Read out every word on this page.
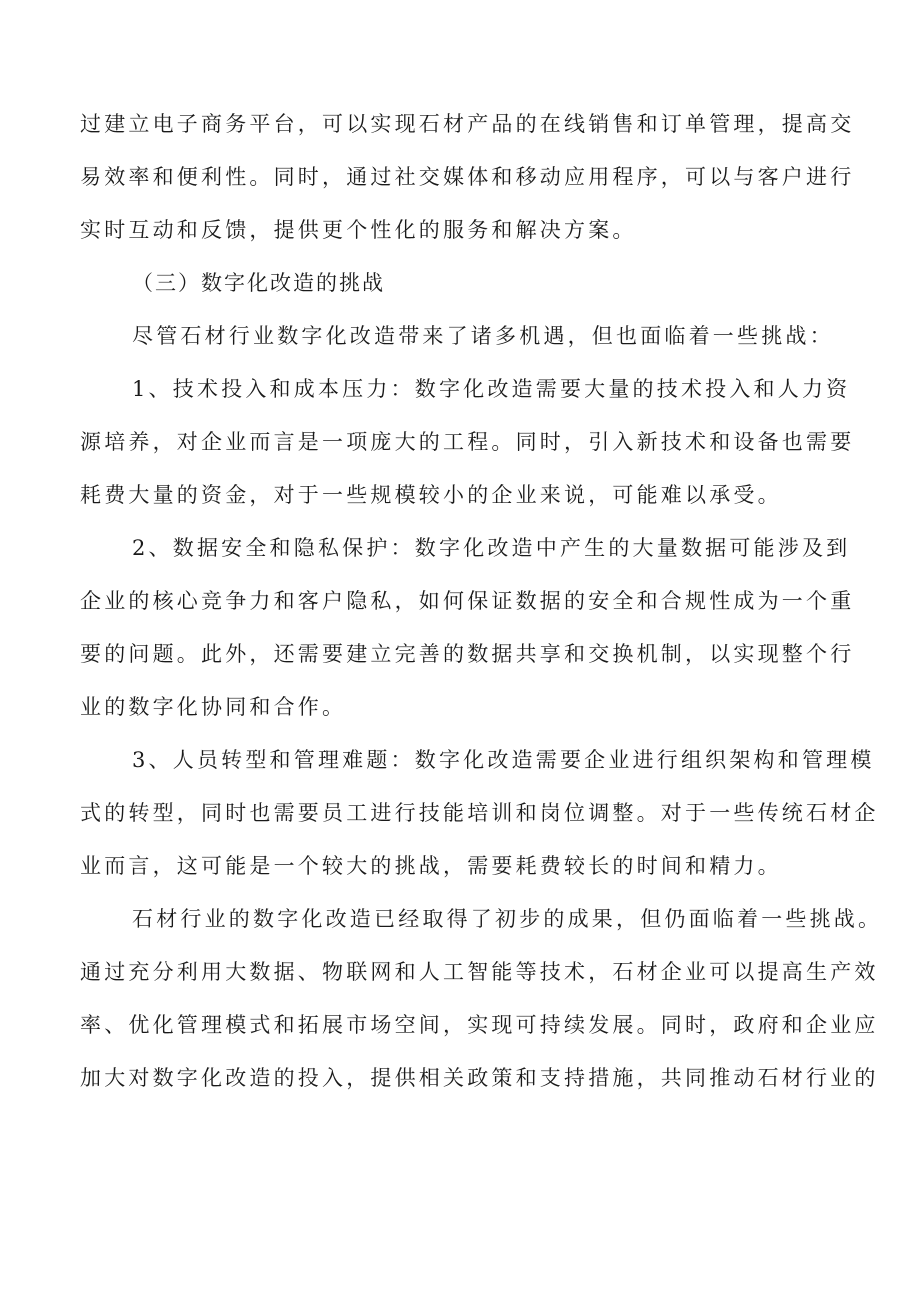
过建立电子商务平台，可以实现石材产品的在线销售和订单管理，提高交
易效率和便利性。同时，通过社交媒体和移动应用程序，可以与客户进行
实时互动和反馈，提供更个性化的服务和解决方案。
（三）数字化改造的挑战
尽管石材行业数字化改造带来了诸多机遇，但也面临着一些挑战：
1、技术投入和成本压力：数字化改造需要大量的技术投入和人力资
源培养，对企业而言是一项庞大的工程。同时，引入新技术和设备也需要
耗费大量的资金，对于一些规模较小的企业来说，可能难以承受。
2、数据安全和隐私保护：数字化改造中产生的大量数据可能涉及到
企业的核心竞争力和客户隐私，如何保证数据的安全和合规性成为一个重
要的问题。此外，还需要建立完善的数据共享和交换机制，以实现整个行
业的数字化协同和合作。
3、人员转型和管理难题：数字化改造需要企业进行组织架构和管理模
式的转型，同时也需要员工进行技能培训和岗位调整。对于一些传统石材企
业而言，这可能是一个较大的挑战，需要耗费较长的时间和精力。
石材行业的数字化改造已经取得了初步的成果，但仍面临着一些挑战。
通过充分利用大数据、物联网和人工智能等技术，石材企业可以提高生产效
率、优化管理模式和拓展市场空间，实现可持续发展。同时，政府和企业应
加大对数字化改造的投入，提供相关政策和支持措施，共同推动石材行业的
